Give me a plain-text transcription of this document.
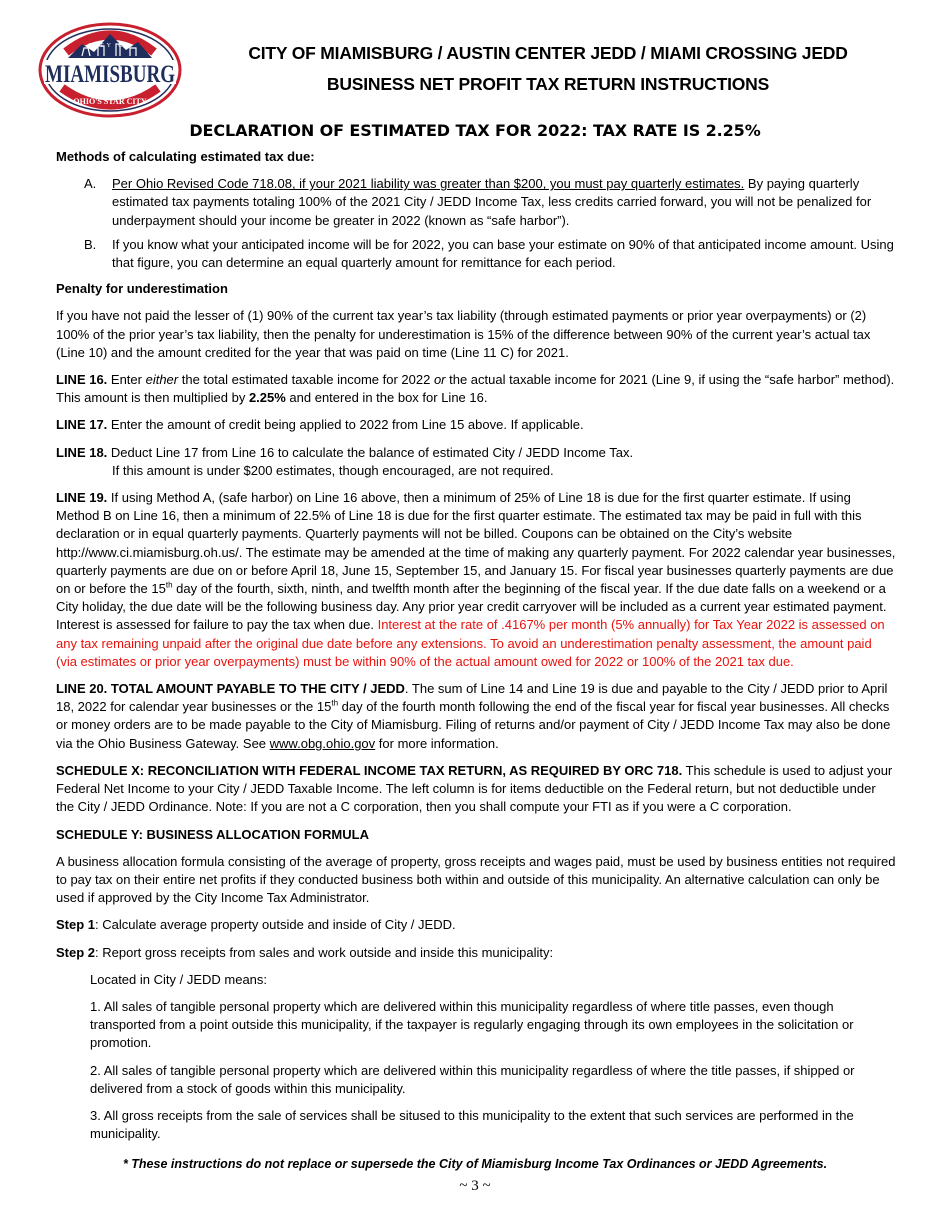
MIAMISBURG
OHIO'S STAR CITY
CITY OF	CITY OF MIAMISBURG / AUSTIN CENTER JEDD / MIAMI CROSSING JEDD
BUSINESS NET PROFIT TAX RETURN INSTRUCTIONS
DECLARATION OF ESTIMATED TAX FOR 2022: TAX RATE IS 2.25%

Methods of calculating estimated tax due:

A. Per Ohio Revised Code 718.08, if your 2021 liability was greater than $200, you must pay quarterly estimates. By paying quarterly estimated tax payments totaling 100% of the 2021 City / JEDD Income Tax, less credits carried forward, you will not be penalized for underpayment should your income be greater in 2022 (known as “safe harbor”).
B. If you know what your anticipated income will be for 2022, you can base your estimate on 90% of that anticipated income amount. Using that figure, you can determine an equal quarterly amount for remittance for each period.

Penalty for underestimation

If you have not paid the lesser of (1) 90% of the current tax year’s tax liability (through estimated payments or prior year overpayments) or (2) 100% of the prior year’s tax liability, then the penalty for underestimation is 15% of the difference between 90% of the current year’s actual tax (Line 10) and the amount credited for the year that was paid on time (Line 11 C) for 2021.

LINE 16. Enter either the total estimated taxable income for 2022 or the actual taxable income for 2021 (Line 9, if using the “safe harbor” method). This amount is then multiplied by 2.25% and entered in the box for Line 16.

LINE 17. Enter the amount of credit being applied to 2022 from Line 15 above. If applicable.

LINE 18. Deduct Line 17 from Line 16 to calculate the balance of estimated City / JEDD Income Tax.
If this amount is under $200 estimates, though encouraged, are not required.

LINE 19. If using Method A, (safe harbor) on Line 16 above, then a minimum of 25% of Line 18 is due for the first quarter estimate. If using Method B on Line 16, then a minimum of 22.5% of Line 18 is due for the first quarter estimate. The estimated tax may be paid in full with this declaration or in equal quarterly payments. Quarterly payments will not be billed. Coupons can be obtained on the City’s website http://www.ci.miamisburg.oh.us/. The estimate may be amended at the time of making any quarterly payment. For 2022 calendar year businesses, quarterly payments are due on or before April 18, June 15, September 15, and January 15. For fiscal year businesses quarterly payments are due on or before the 15th day of the fourth, sixth, ninth, and twelfth month after the beginning of the fiscal year. If the due date falls on a weekend or a City holiday, the due date will be the following business day. Any prior year credit carryover will be included as a current year estimated payment. Interest is assessed for failure to pay the tax when due. Interest at the rate of .4167% per month (5% annually) for Tax Year 2022 is assessed on any tax remaining unpaid after the original due date before any extensions. To avoid an underestimation penalty assessment, the amount paid (via estimates or prior year overpayments) must be within 90% of the actual amount owed for 2022 or 100% of the 2021 tax due.

LINE 20. TOTAL AMOUNT PAYABLE TO THE CITY / JEDD. The sum of Line 14 and Line 19 is due and payable to the City / JEDD prior to April 18, 2022 for calendar year businesses or the 15th day of the fourth month following the end of the fiscal year for fiscal year businesses. All checks or money orders are to be made payable to the City of Miamisburg. Filing of returns and/or payment of City / JEDD Income Tax may also be done via the Ohio Business Gateway. See www.obg.ohio.gov for more information.

SCHEDULE X: RECONCILIATION WITH FEDERAL INCOME TAX RETURN, AS REQUIRED BY ORC 718. This schedule is used to adjust your Federal Net Income to your City / JEDD Taxable Income. The left column is for items deductible on the Federal return, but not deductible under the City / JEDD Ordinance. Note: If you are not a C corporation, then you shall compute your FTI as if you were a C corporation.

SCHEDULE Y: BUSINESS ALLOCATION FORMULA

A business allocation formula consisting of the average of property, gross receipts and wages paid, must be used by business entities not required to pay tax on their entire net profits if they conducted business both within and outside of this municipality. An alternative calculation can only be used if approved by the City Income Tax Administrator.

Step 1: Calculate average property outside and inside of City / JEDD.

Step 2: Report gross receipts from sales and work outside and inside this municipality:

Located in City / JEDD means:

1. All sales of tangible personal property which are delivered within this municipality regardless of where title passes, even though transported from a point outside this municipality, if the taxpayer is regularly engaging through its own employees in the solicitation or promotion.

2. All sales of tangible personal property which are delivered within this municipality regardless of where the title passes, if shipped or delivered from a stock of goods within this municipality.

3. All gross receipts from the sale of services shall be sitused to this municipality to the extent that such services are performed in the municipality.

* These instructions do not replace or supersede the City of Miamisburg Income Tax Ordinances or JEDD Agreements.
~ 3 ~
